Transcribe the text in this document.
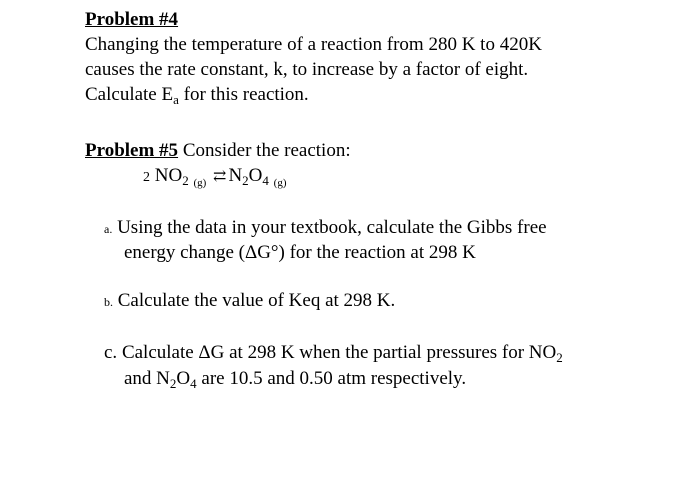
Problem #4
Changing the temperature of a reaction from 280 K to 420K
causes the rate constant, k, to increase by a factor of eight.
Calculate $E_a$ for this reaction.
Problem #5 Consider the reaction:
2 $NO_2$ $_{(g)}$ ⇄ $N_2O_4$ $_{(g)}$
a. Using the data in your textbook, calculate the Gibbs free
energy change (ΔG°) for the reaction at 298 K
b. Calculate the value of Keq at 298 K.
c. Calculate ΔG at 298 K when the partial pressures for $NO_2$
and $N_2O_4$ are 10.5 and 0.50 atm respectively.
